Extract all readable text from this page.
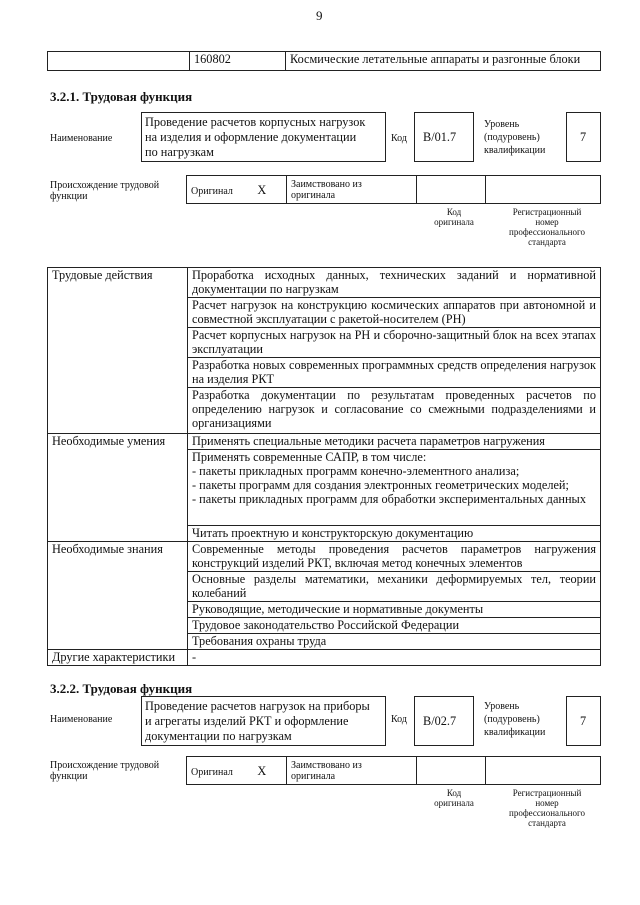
9
	160802	Космические летательные аппараты и разгонные блоки
3.2.1. Трудовая функция
Наименование
Проведение расчетов корпусных нагрузок
на изделия и оформление документации
по нагрузкам
Код B/01.7
Уровень
(подуровень)
квалификации
7
Происхождение трудовой
функции	Оригинал X	Заимствовано из
оригинала

Код
оригинала
Регистрационный
номер
профессионального
стандарта
Трудовые действия	Проработка исходных данных, технических заданий и нормативной документации по нагрузкам
	Расчет нагрузок на конструкцию космических аппаратов при автономной и совместной эксплуатации с ракетой-носителем (РН)
	Расчет корпусных нагрузок на РН и сборочно-защитный блок на всех этапах эксплуатации
	Разработка новых современных программных средств определения нагрузок на изделия РКТ
	Разработка документации по результатам проведенных расчетов по определению нагрузок и согласование со смежными подразделениями и организациями
Необходимые умения	Применять специальные методики расчета параметров нагружения

	Применять современные САПР, в том числе:
- пакеты прикладных программ конечно-элементного анализа;
- пакеты программ для создания электронных геометрических моделей;
- пакеты прикладных программ для обработки экспериментальных данных

	Читать проектную и конструкторскую документацию
Необходимые знания	Современные методы проведения расчетов параметров нагружения конструкций изделий РКТ, включая метод конечных элементов
	Основные разделы математики, механики деформируемых тел, теории колебаний
	Руководящие, методические и нормативные документы
	Трудовое законодательство Российской Федерации
	Требования охраны труда
Другие характеристики	-
3.2.2. Трудовая функция
Наименование
Проведение расчетов нагрузок на приборы
и агрегаты изделий РКТ и оформление
документации по нагрузкам
Код B/02.7
Уровень
(подуровень)
квалификации
7
Происхождение трудовой
функции	Оригинал X	Заимствовано из
оригинала

Код
оригинала
Регистрационный
номер
профессионального
стандарта
